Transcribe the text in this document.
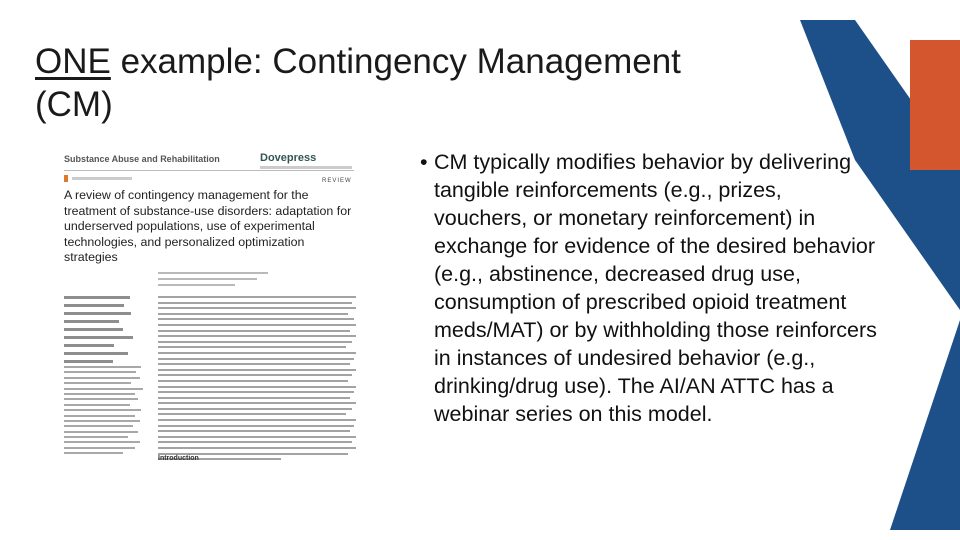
ONE example: Contingency Management
(CM)
Substance Abuse and Rehabilitation	Dovepress
REVIEW
A review of contingency management for the treatment of substance-use disorders: adaptation for underserved populations, use of experimental technologies, and personalized optimization strategies
Introduction
• CM typically modifies behavior by delivering tangible reinforcements (e.g., prizes, vouchers, or monetary reinforcement) in exchange for evidence of the desired behavior (e.g., abstinence, decreased drug use, consumption of prescribed opioid treatment meds/MAT) or by withholding those reinforcers in instances of undesired behavior (e.g., drinking/drug use). The AI/AN ATTC has a webinar series on this model.
